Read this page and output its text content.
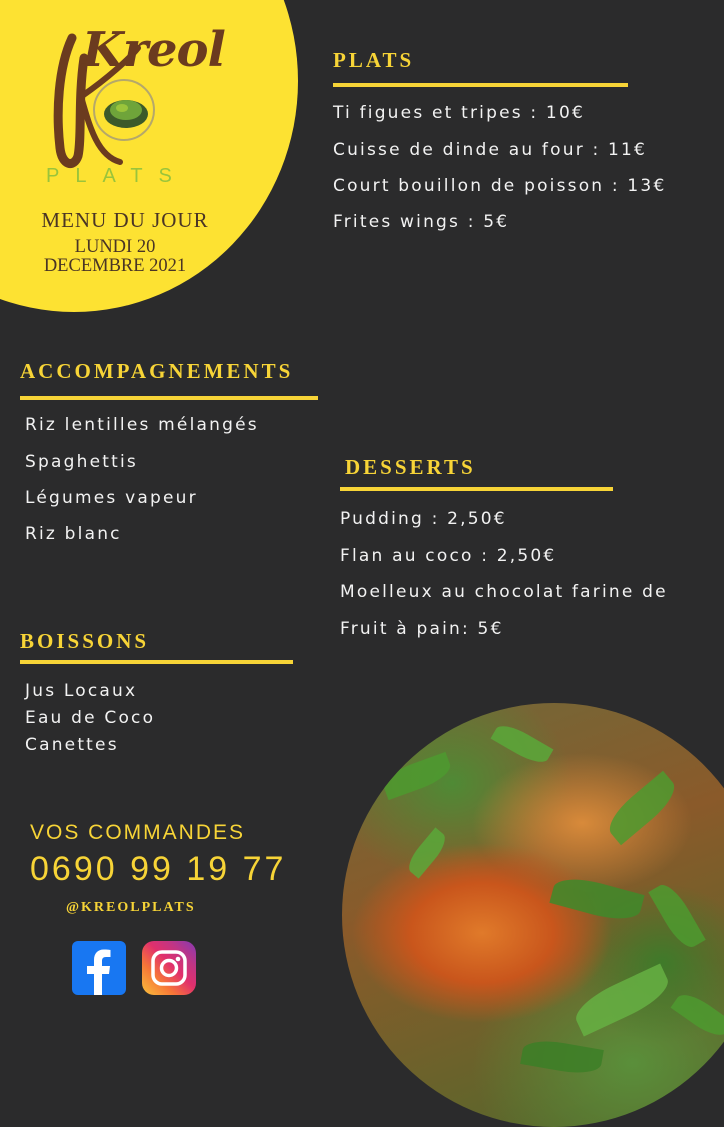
Kreol
PLATS
MENU DU JOUR
LUNDI 20
DECEMBRE 2021
PLATS
Ti figues et tripes : 10€
Cuisse de dinde au four : 11€
Court bouillon de poisson : 13€
Frites wings : 5€
ACCOMPAGNEMENTS
Riz lentilles mélangés
Spaghettis
Légumes vapeur
Riz blanc
DESSERTS
Pudding : 2,50€
Flan au coco : 2,50€
Moelleux au chocolat farine de
Fruit à pain: 5€
BOISSONS
Jus Locaux
Eau de Coco
Canettes
VOS COMMANDES
0690 99 19 77
@KREOLPLATS
